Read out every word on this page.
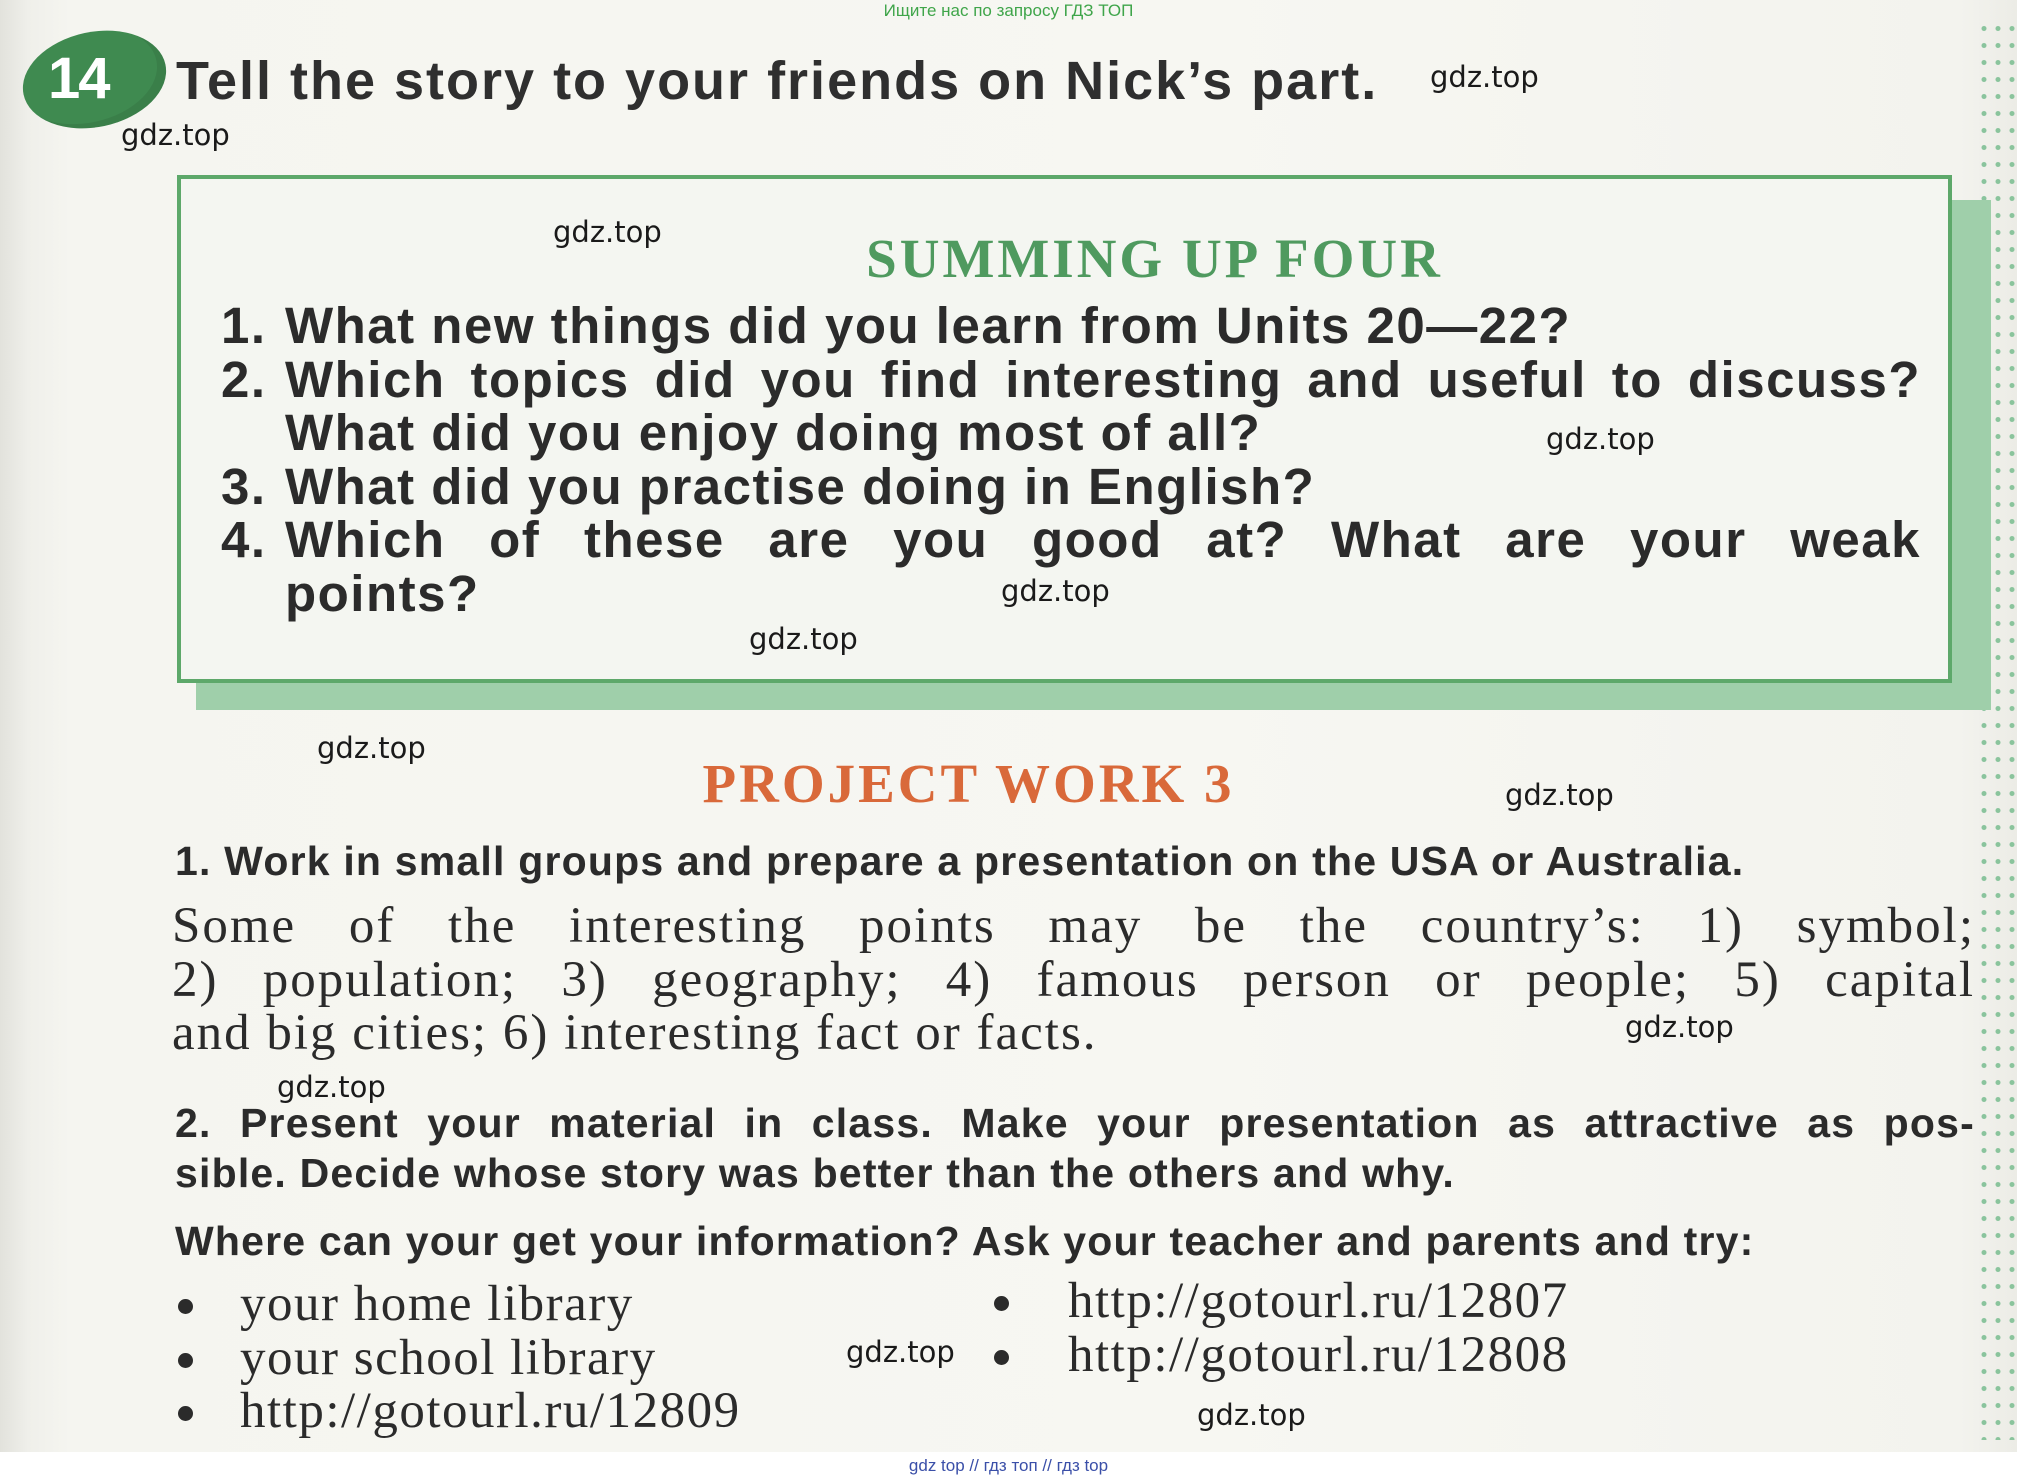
14	Tell the story to your friends on Nick’s part.
SUMMING UP FOUR
1. What new things did you learn from Units 20—22?
2. Which topics did you find interesting and useful to discuss?
What did you enjoy doing most of all?
3. What did you practise doing in English?
4. Which of these are you good at? What are your weak
points?
PROJECT WORK 3
1. Work in small groups and prepare a presentation on the USA or Australia.
Some of the interesting points may be the country’s: 1) symbol;
2) population; 3) geography; 4) famous person or people; 5) capital
and big cities; 6) interesting fact or facts.
2. Present your material in class. Make your presentation as attractive as pos-
sible. Decide whose story was better than the others and why.
Where can your get your information? Ask your teacher and parents and try:
your home library
your school library
http://gotourl.ru/12809
http://gotourl.ru/12807
http://gotourl.ru/12808
gdz.top
gdz.top
gdz.top
gdz.top
gdz.top
gdz.top
gdz.top
gdz.top
gdz.top
gdz.top
gdz.top
gdz.top
Ищите нас по запросу ГДЗ ТОП
gdz top // гдз топ // гдз top
